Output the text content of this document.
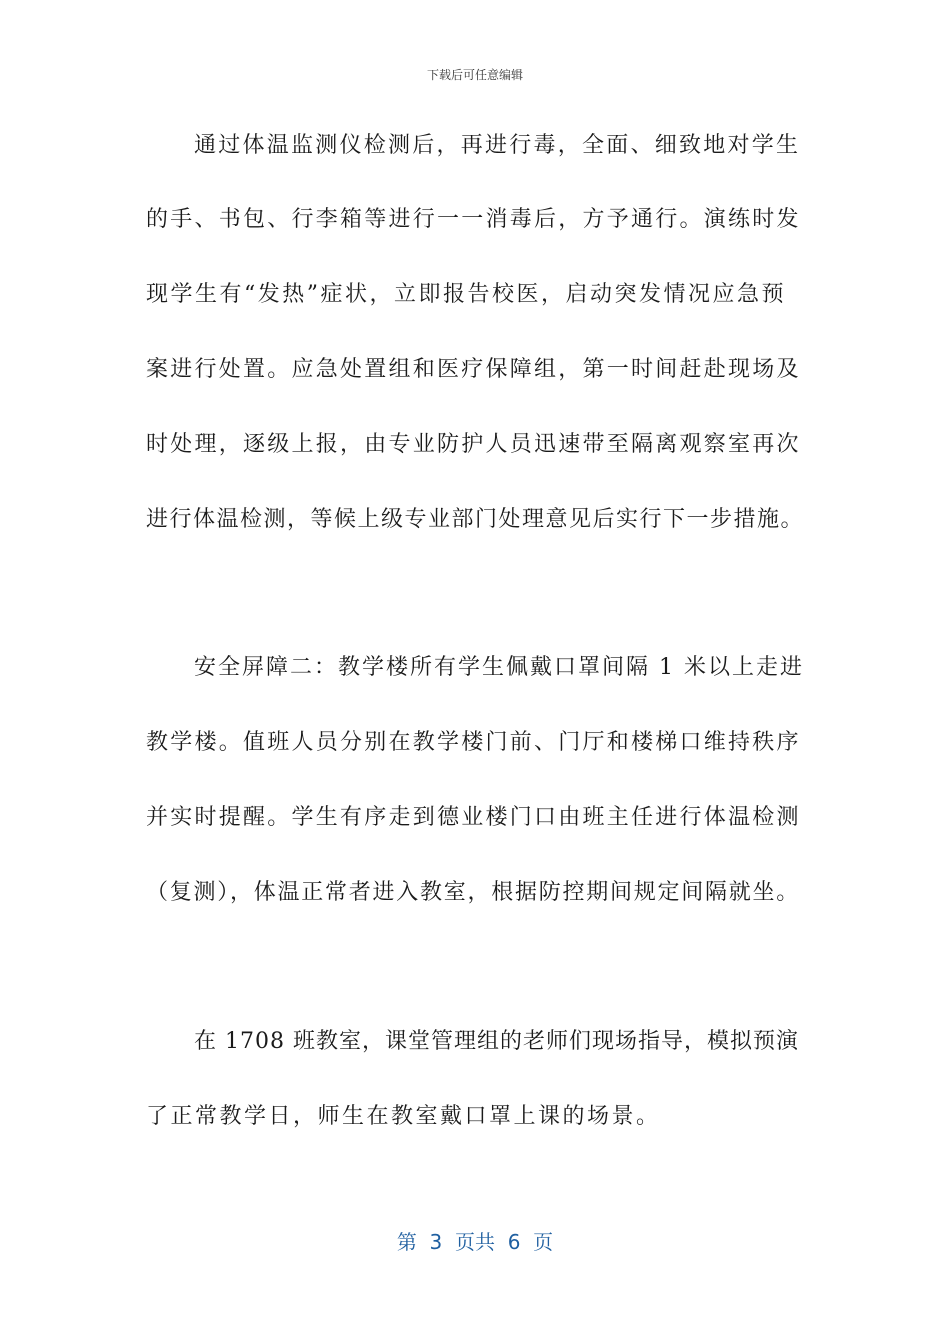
下载后可任意编辑
通过体温监测仪检测后，再进行毒，全面、细致地对学生
的手、书包、行李箱等进行一一消毒后，方予通行。演练时发
现学生有“发热”症状，立即报告校医，启动突发情况应急预
案进行处置。应急处置组和医疗保障组，第一时间赶赴现场及
时处理，逐级上报，由专业防护人员迅速带至隔离观察室再次
进行体温检测，等候上级专业部门处理意见后实行下一步措施。
安全屏障二：教学楼所有学生佩戴口罩间隔 1 米以上走进
教学楼。值班人员分别在教学楼门前、门厅和楼梯口维持秩序
并实时提醒。学生有序走到德业楼门口由班主任进行体温检测
（复测），体温正常者进入教室，根据防控期间规定间隔就坐。
在 1708 班教室，课堂管理组的老师们现场指导，模拟预演
了正常教学日，师生在教室戴口罩上课的场景。
第  3  页共  6  页
